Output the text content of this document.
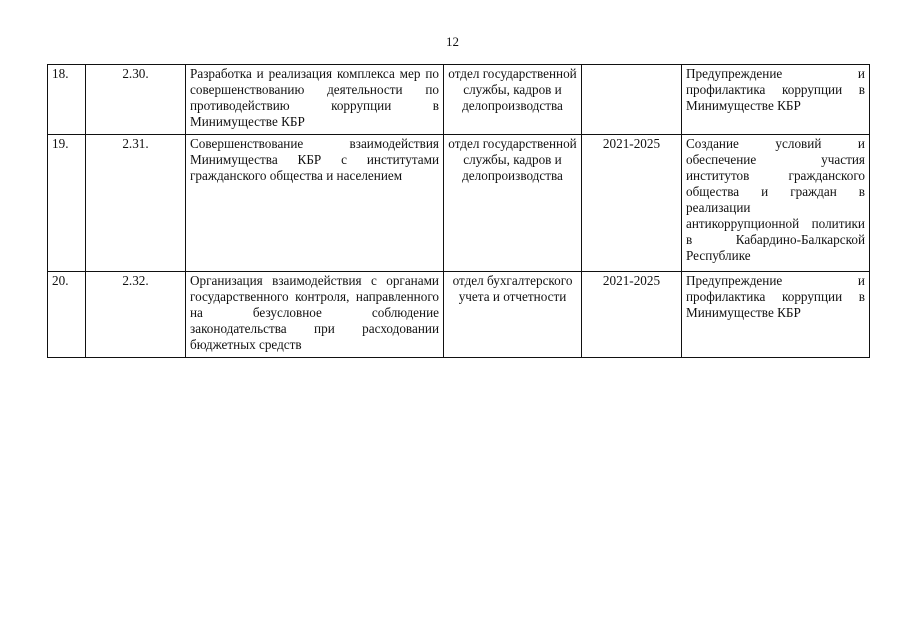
12
18.	2.30.	Разработка и реализация комплекса мер по совершенствованию деятельности по противодействию коррупции в Минимуществе КБР	отдел государственной службы, кадров и делопроизводства		Предупреждение и профилактика коррупции в Минимуществе КБР
19.	2.31.	Совершенствование взаимодействия Минимущества КБР с институтами гражданского общества и населением	отдел государственной службы, кадров и делопроизводства	2021-2025	Создание условий и обеспечение участия институтов гражданского общества и граждан в реализации антикоррупционной политики в Кабардино-Балкарской Республике
20.	2.32.	Организация взаимодействия с органами государственного контроля, направленного на безусловное соблюдение законодательства при расходовании бюджетных средств	отдел бухгалтерского учета и отчетности	2021-2025	Предупреждение и профилактика коррупции в Минимуществе КБР
